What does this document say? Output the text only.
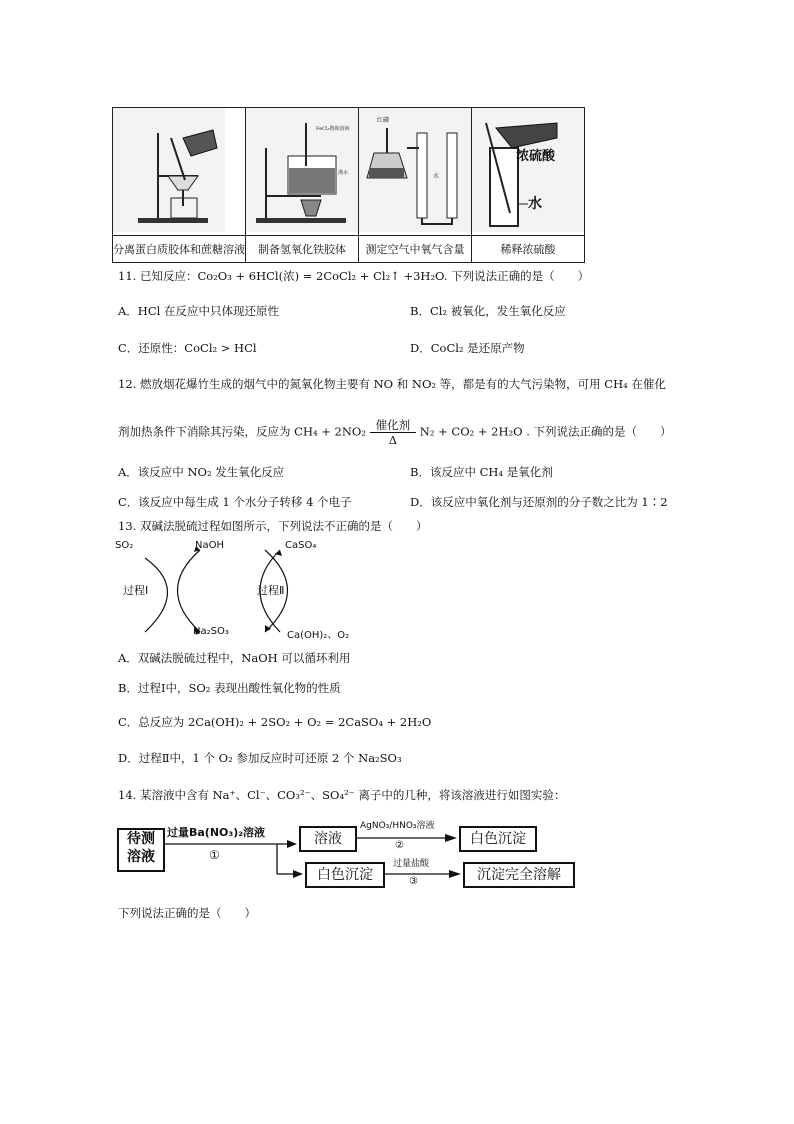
FeCl₃饱和溶液
沸水	红磷
水	浓硫酸
水

分离蛋白质胶体和蔗糖溶液	制备氢氧化铁胶体	测定空气中氧气含量	稀释浓硫酸
11. 已知反应：Co₂O₃ + 6HCl(浓) = 2CoCl₂ + Cl₂↑ +3H₂O. 下列说法正确的是（　　）
A．HCl 在反应中只体现还原性	B．Cl₂ 被氧化，发生氧化反应
C．还原性：CoCl₂ > HCl	D．CoCl₂ 是还原产物
12. 燃放烟花爆竹生成的烟气中的氮氧化物主要有 NO 和 NO₂ 等，都是有的大气污染物，可用 CH₄ 在催化
剂加热条件下消除其污染，反应为 $CH_4 + 2NO_2 \frac{\text{催化剂}}{\Delta} N_2 + CO_2 + 2H_2O$ . 下列说法正确的是（　　）
A．该反应中 NO₂ 发生氧化反应	B．该反应中 CH₄ 是氧化剂
C．该反应中每生成 1 个水分子转移 4 个电子	D．该反应中氧化剂与还原剂的分子数之比为 1∶2
13. 双碱法脱硫过程如图所示，下列说法不正确的是（　　）
SO₂	NaOH	CaSO₄
过程Ⅰ	过程Ⅱ
Na₂SO₃	Ca(OH)₂、O₂
A．双碱法脱硫过程中，NaOH 可以循环利用
B．过程Ⅰ中，SO₂ 表现出酸性氧化物的性质
C．总反应为 2Ca(OH)₂ + 2SO₂ + O₂ = 2CaSO₄ + 2H₂O
D．过程Ⅱ中，1 个 O₂ 参加反应时可还原 2 个 Na₂SO₃
14. 某溶液中含有 Na⁺、Cl⁻、CO₃²⁻、SO₄²⁻ 离子中的几种，将该溶液进行如图实验：
待测
溶液
过量Ba(NO₃)₂溶液
①
溶液
AgNO₃/HNO₃溶液
②	白色沉淀
白色沉淀
过量盐酸
③	沉淀完全溶解
下列说法正确的是（　　）
